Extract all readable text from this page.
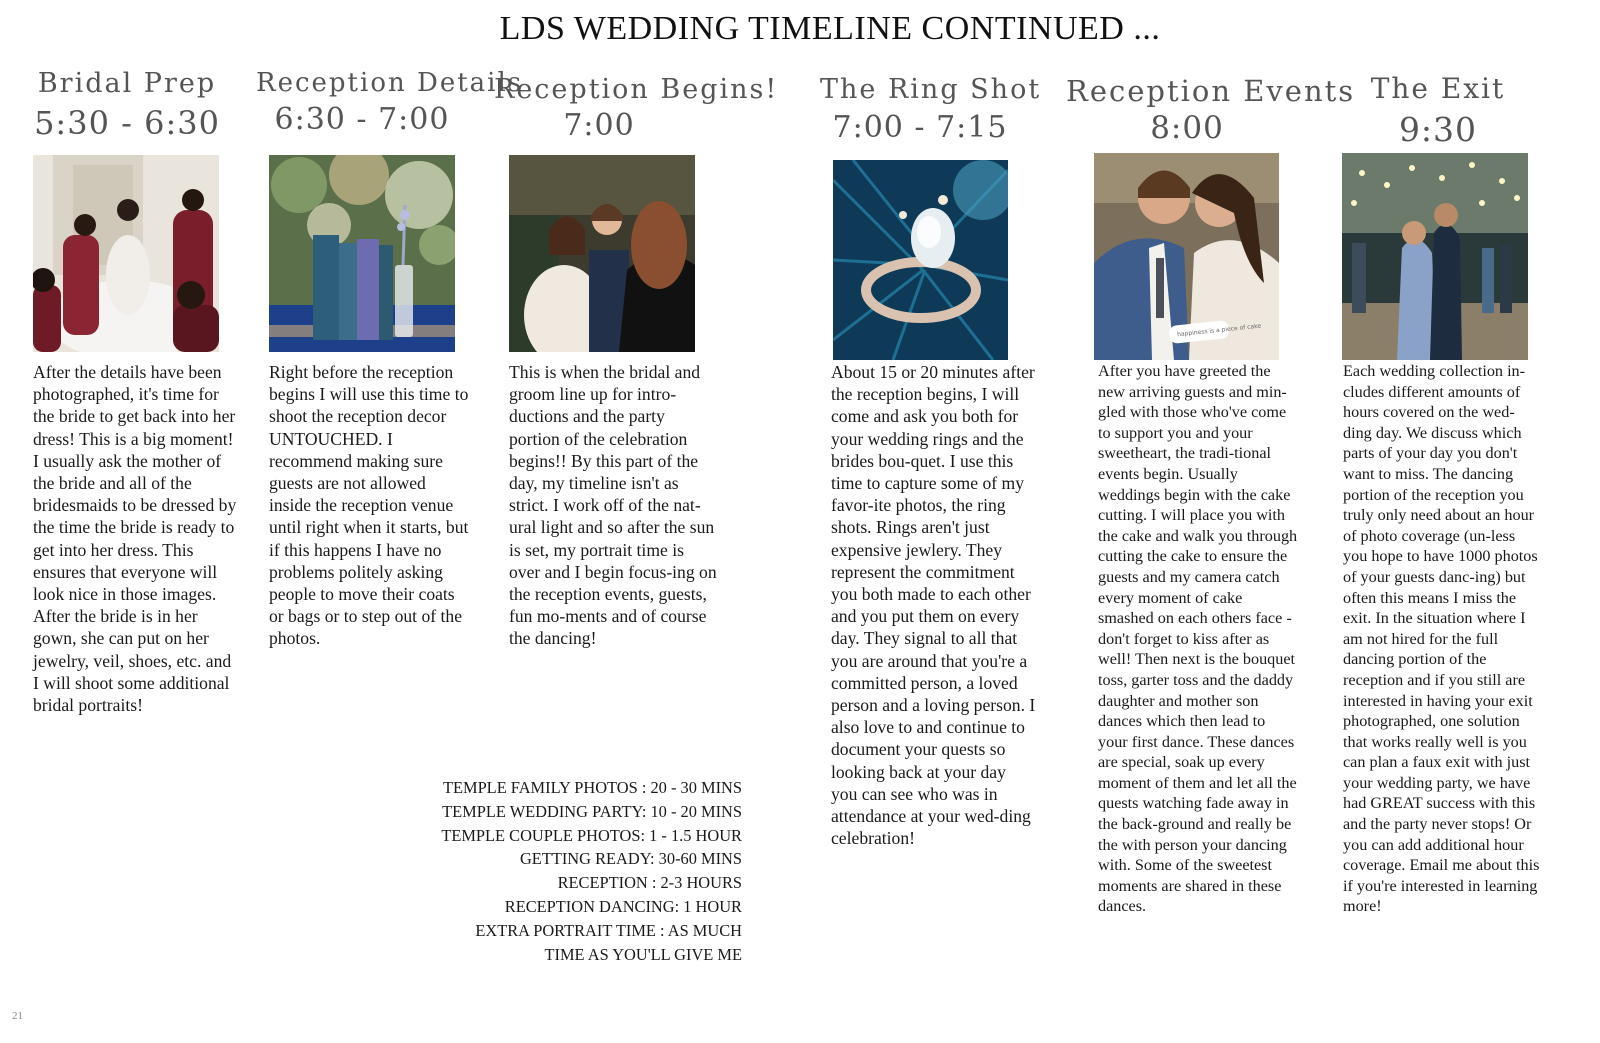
LDS WEDDING TIMELINE CONTINUED ...
Bridal Prep
5:30 - 6:30
After the details have been photographed, it's time for the bride to get back into her dress! This is a big moment! I usually ask the mother of the bride and all of the bridesmaids to be dressed by the time the bride is ready to get into her dress. This ensures that everyone will look nice in those images. After the bride is in her gown, she can put on her jewelry, veil, shoes, etc. and I will shoot some additional bridal portraits!
Reception Details
6:30 - 7:00
Right before the reception begins I will use this time to shoot the reception decor UNTOUCHED. I recommend making sure guests are not allowed inside the reception venue until right when it starts, but if this happens I have no problems politely asking people to move their coats or bags or to step out of the photos.
Reception Begins!
7:00
This is when the bridal and groom line up for intro-ductions and the party portion of the celebration begins!! By this part of the day, my timeline isn't as strict. I work off of the nat-ural light and so after the sun is set, my portrait time is over and I begin focus-ing on the reception events, guests, fun mo-ments and of course the dancing!
The Ring Shot
7:00 - 7:15
About 15 or 20 minutes after the reception begins, I will come and ask you both for your wedding rings and the brides bou-quet. I use this time to capture some of my favor-ite photos, the ring shots. Rings aren't just expensive jewlery. They represent the commitment you both made to each other and you put them on every day. They signal to all that you are around that you're a committed person, a loved person and a loving person. I also love to and continue to document your quests so looking back at your day you can see who was in attendance at your wed-ding celebration!
Reception Events
8:00
happiness is a piece of cake
After you have greeted the new arriving guests and min-gled with those who've come to support you and your sweetheart, the tradi-tional events begin. Usually weddings begin with the cake cutting. I will place you with the cake and walk you through cutting the cake to ensure the guests and my camera catch every moment of cake smashed on each others face - don't forget to kiss after as well! Then next is the bouquet toss, garter toss and the daddy daughter and mother son dances which then lead to your first dance. These dances are special, soak up every moment of them and let all the quests watching fade away in the back-ground and really be the with person your dancing with. Some of the sweetest moments are shared in these dances.
The Exit
9:30
Each wedding collection in-cludes different amounts of hours covered on the wed-ding day. We discuss which parts of your day you don't want to miss. The dancing portion of the reception you truly only need about an hour of photo coverage (un-less you hope to have 1000 photos of your guests danc-ing) but often this means I miss the exit. In the situation where I am not hired for the full dancing portion of the reception and if you still are interested in having your exit photographed, one solution that works really well is you can plan a faux exit with just your wedding party, we have had GREAT success with this and the party never stops! Or you can add additional hour coverage. Email me about this if you're interested in learning more!
TEMPLE FAMILY PHOTOS : 20 - 30 MINS
TEMPLE WEDDING PARTY: 10 - 20 MINS
TEMPLE COUPLE PHOTOS: 1 - 1.5 HOUR
GETTING READY: 30-60 MINS
RECEPTION : 2-3 HOURS
RECEPTION DANCING: 1 HOUR
EXTRA PORTRAIT TIME : AS MUCH
TIME AS YOU'LL GIVE ME
21
